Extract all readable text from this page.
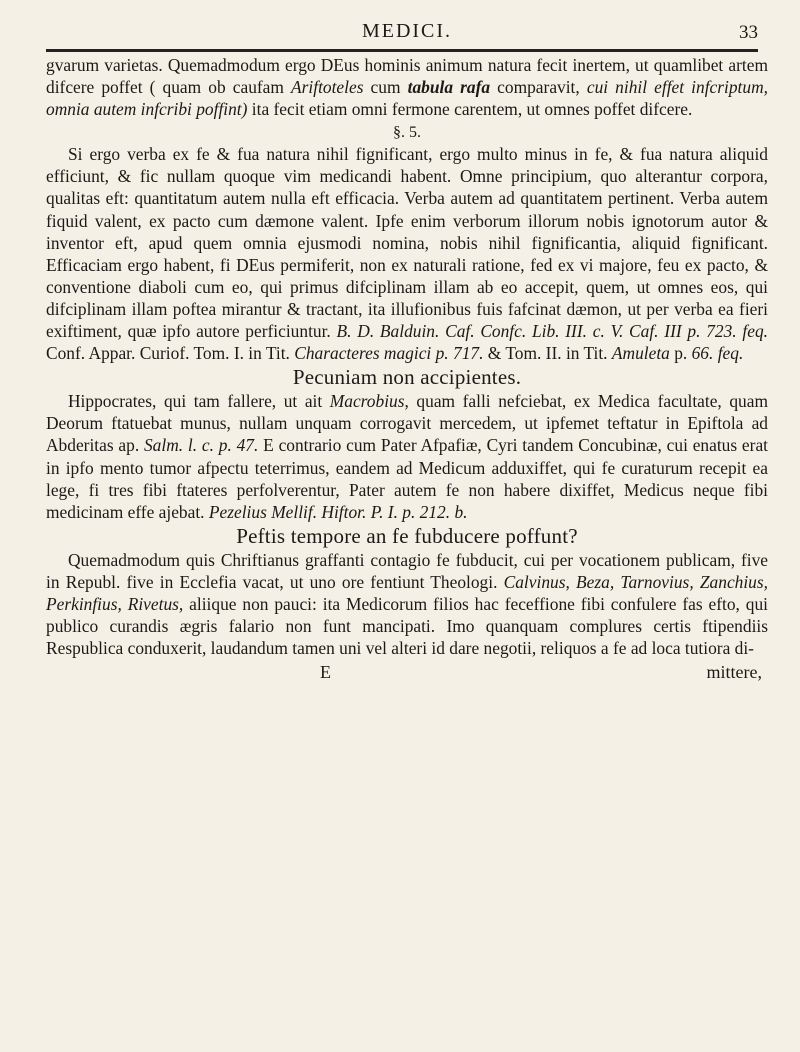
MEDICI.	33

gvarum varietas. Quemadmodum ergo DEus hominis animum natura fecit inertem, ut quamlibet artem difcere poffet ( quam ob caufam Ariftoteles cum tabula rafa comparavit, cui nihil effet infcriptum, omnia autem infcribi poffint) ita fecit etiam omni fermone carentem, ut omnes poffet difcere.

§. 5.

Si ergo verba ex fe & fua natura nihil fignificant, ergo multo minus in fe, & fua natura aliquid efficiunt, & fic nullam quoque vim medicandi habent. Omne principium, quo alterantur corpora, qualitas eft: quantitatum autem nulla eft efficacia. Verba autem ad quantitatem pertinent. Verba autem fiquid valent, ex pacto cum dæmone valent. Ipfe enim verborum illorum nobis ignotorum autor & inventor eft, apud quem omnia ejusmodi nomina, nobis nihil fignificantia, aliquid fignificant. Efficaciam ergo habent, fi DEus permiferit, non ex naturali ratione, fed ex vi majore, feu ex pacto, & conventione diaboli cum eo, qui primus difciplinam illam ab eo accepit, quem, ut omnes eos, qui difciplinam illam poftea mirantur & tractant, ita illufionibus fuis fafcinat dæmon, ut per verba ea fieri exiftiment, quæ ipfo autore perficiuntur. B. D. Balduin. Caf. Confc. Lib. III. c. V. Caf. III p. 723. feq. Conf. Appar. Curiof. Tom. I. in Tit. Characteres magici p. 717. & Tom. II. in Tit. Amuleta p. 66. feq.

Pecuniam non accipientes.

Hippocrates, qui tam fallere, ut ait Macrobius, quam falli nefciebat, ex Medica facultate, quam Deorum ftatuebat munus, nullam unquam corrogavit mercedem, ut ipfemet teftatur in Epiftola ad Abderitas ap. Salm. l. c. p. 47. E contrario cum Pater Afpafiæ, Cyri tandem Concubinæ, cui enatus erat in ipfo mento tumor afpectu teterrimus, eandem ad Medicum adduxiffet, qui fe curaturum recepit ea lege, fi tres fibi ftateres perfolverentur, Pater autem fe non habere dixiffet, Medicus neque fibi medicinam effe ajebat. Pezelius Mellif. Hiftor. P. I. p. 212. b.

Peftis tempore an fe fubducere poffunt?

Quemadmodum quis Chriftianus graffanti contagio fe fubducit, cui per vocationem publicam, five in Republ. five in Ecclefia vacat, ut uno ore fentiunt Theologi. Calvinus, Beza, Tarnovius, Zanchius, Perkinfius, Rivetus, aliique non pauci: ita Medicorum filios hac feceffione fibi confulere fas efto, qui publico curandis ægris falario non funt mancipati. Imo quanquam complures certis ftipendiis Respublica conduxerit, laudandum tamen uni vel alteri id dare negotii, reliquos a fe ad loca tutiora di-

E	mittere,
